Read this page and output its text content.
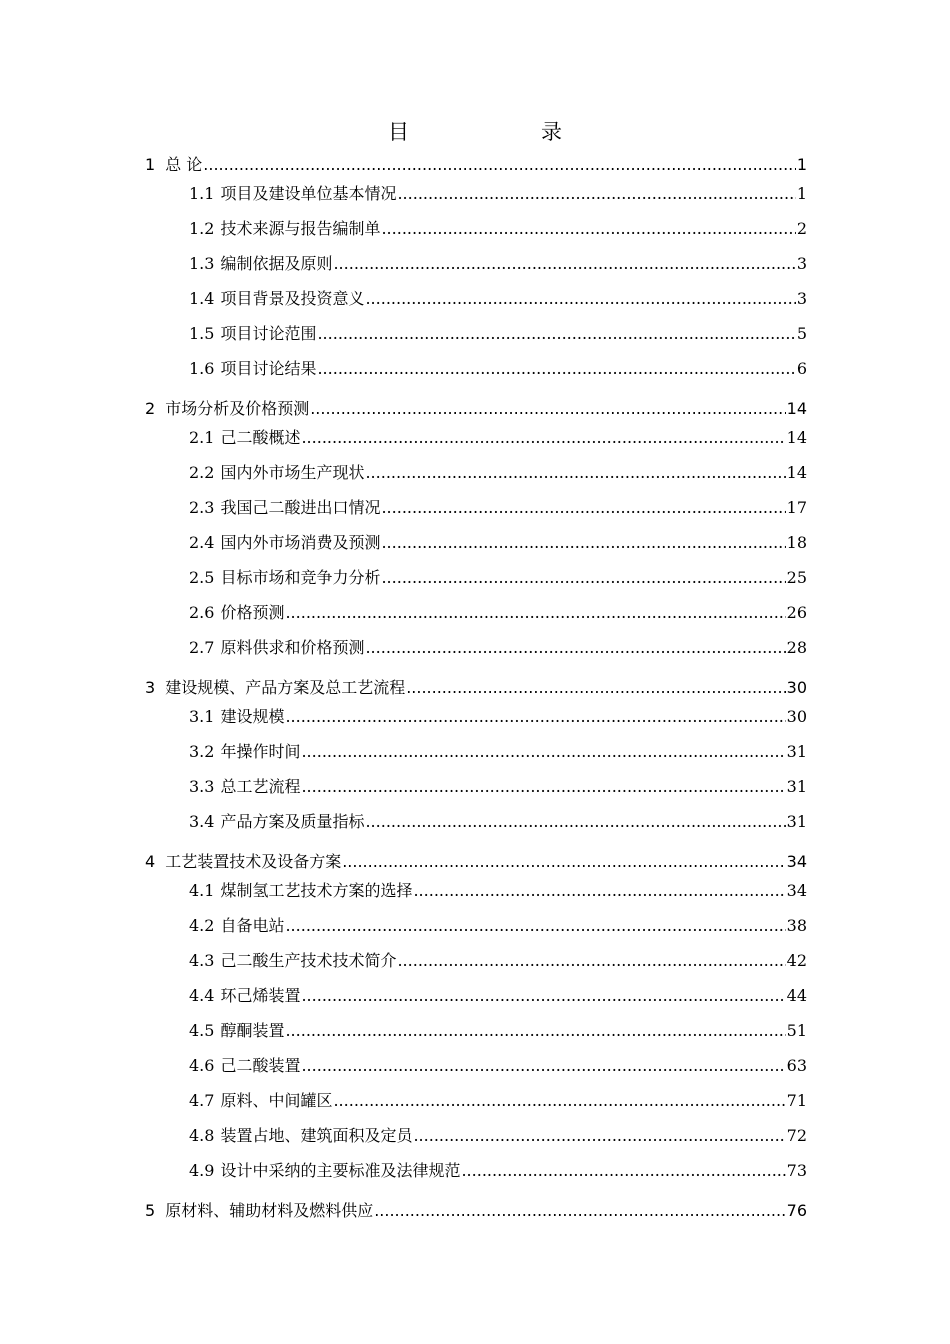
目　　录
1 总 论 .....	1
1.1 项目及建设单位基本情况 .....	1
1.2 技术来源与报告编制单 .....	2
1.3 编制依据及原则 .....	3
1.4 项目背景及投资意义 .....	3
1.5 项目讨论范围 .....	5
1.6 项目讨论结果 .....	6
2 市场分析及价格预测 .....	14
2.1 己二酸概述 .....	14
2.2 国内外市场生产现状 .....	14
2.3 我国己二酸进出口情况 .....	17
2.4 国内外市场消费及预测 .....	18
2.5 目标市场和竞争力分析 .....	25
2.6 价格预测 .....	26
2.7 原料供求和价格预测 .....	28
3 建设规模、产品方案及总工艺流程 .....	30
3.1 建设规模 .....	30
3.2 年操作时间 .....	31
3.3 总工艺流程 .....	31
3.4 产品方案及质量指标 .....	31
4 工艺装置技术及设备方案 .....	34
4.1 煤制氢工艺技术方案的选择 .....	34
4.2 自备电站 .....	38
4.3 己二酸生产技术技术简介 .....	42
4.4 环己烯装置 .....	44
4.5 醇酮装置 .....	51
4.6 己二酸装置 .....	63
4.7 原料、中间罐区 .....	71
4.8 装置占地、建筑面积及定员 .....	72
4.9 设计中采纳的主要标准及法律规范 .....	73
5 原材料、辅助材料及燃料供应 .....	76
